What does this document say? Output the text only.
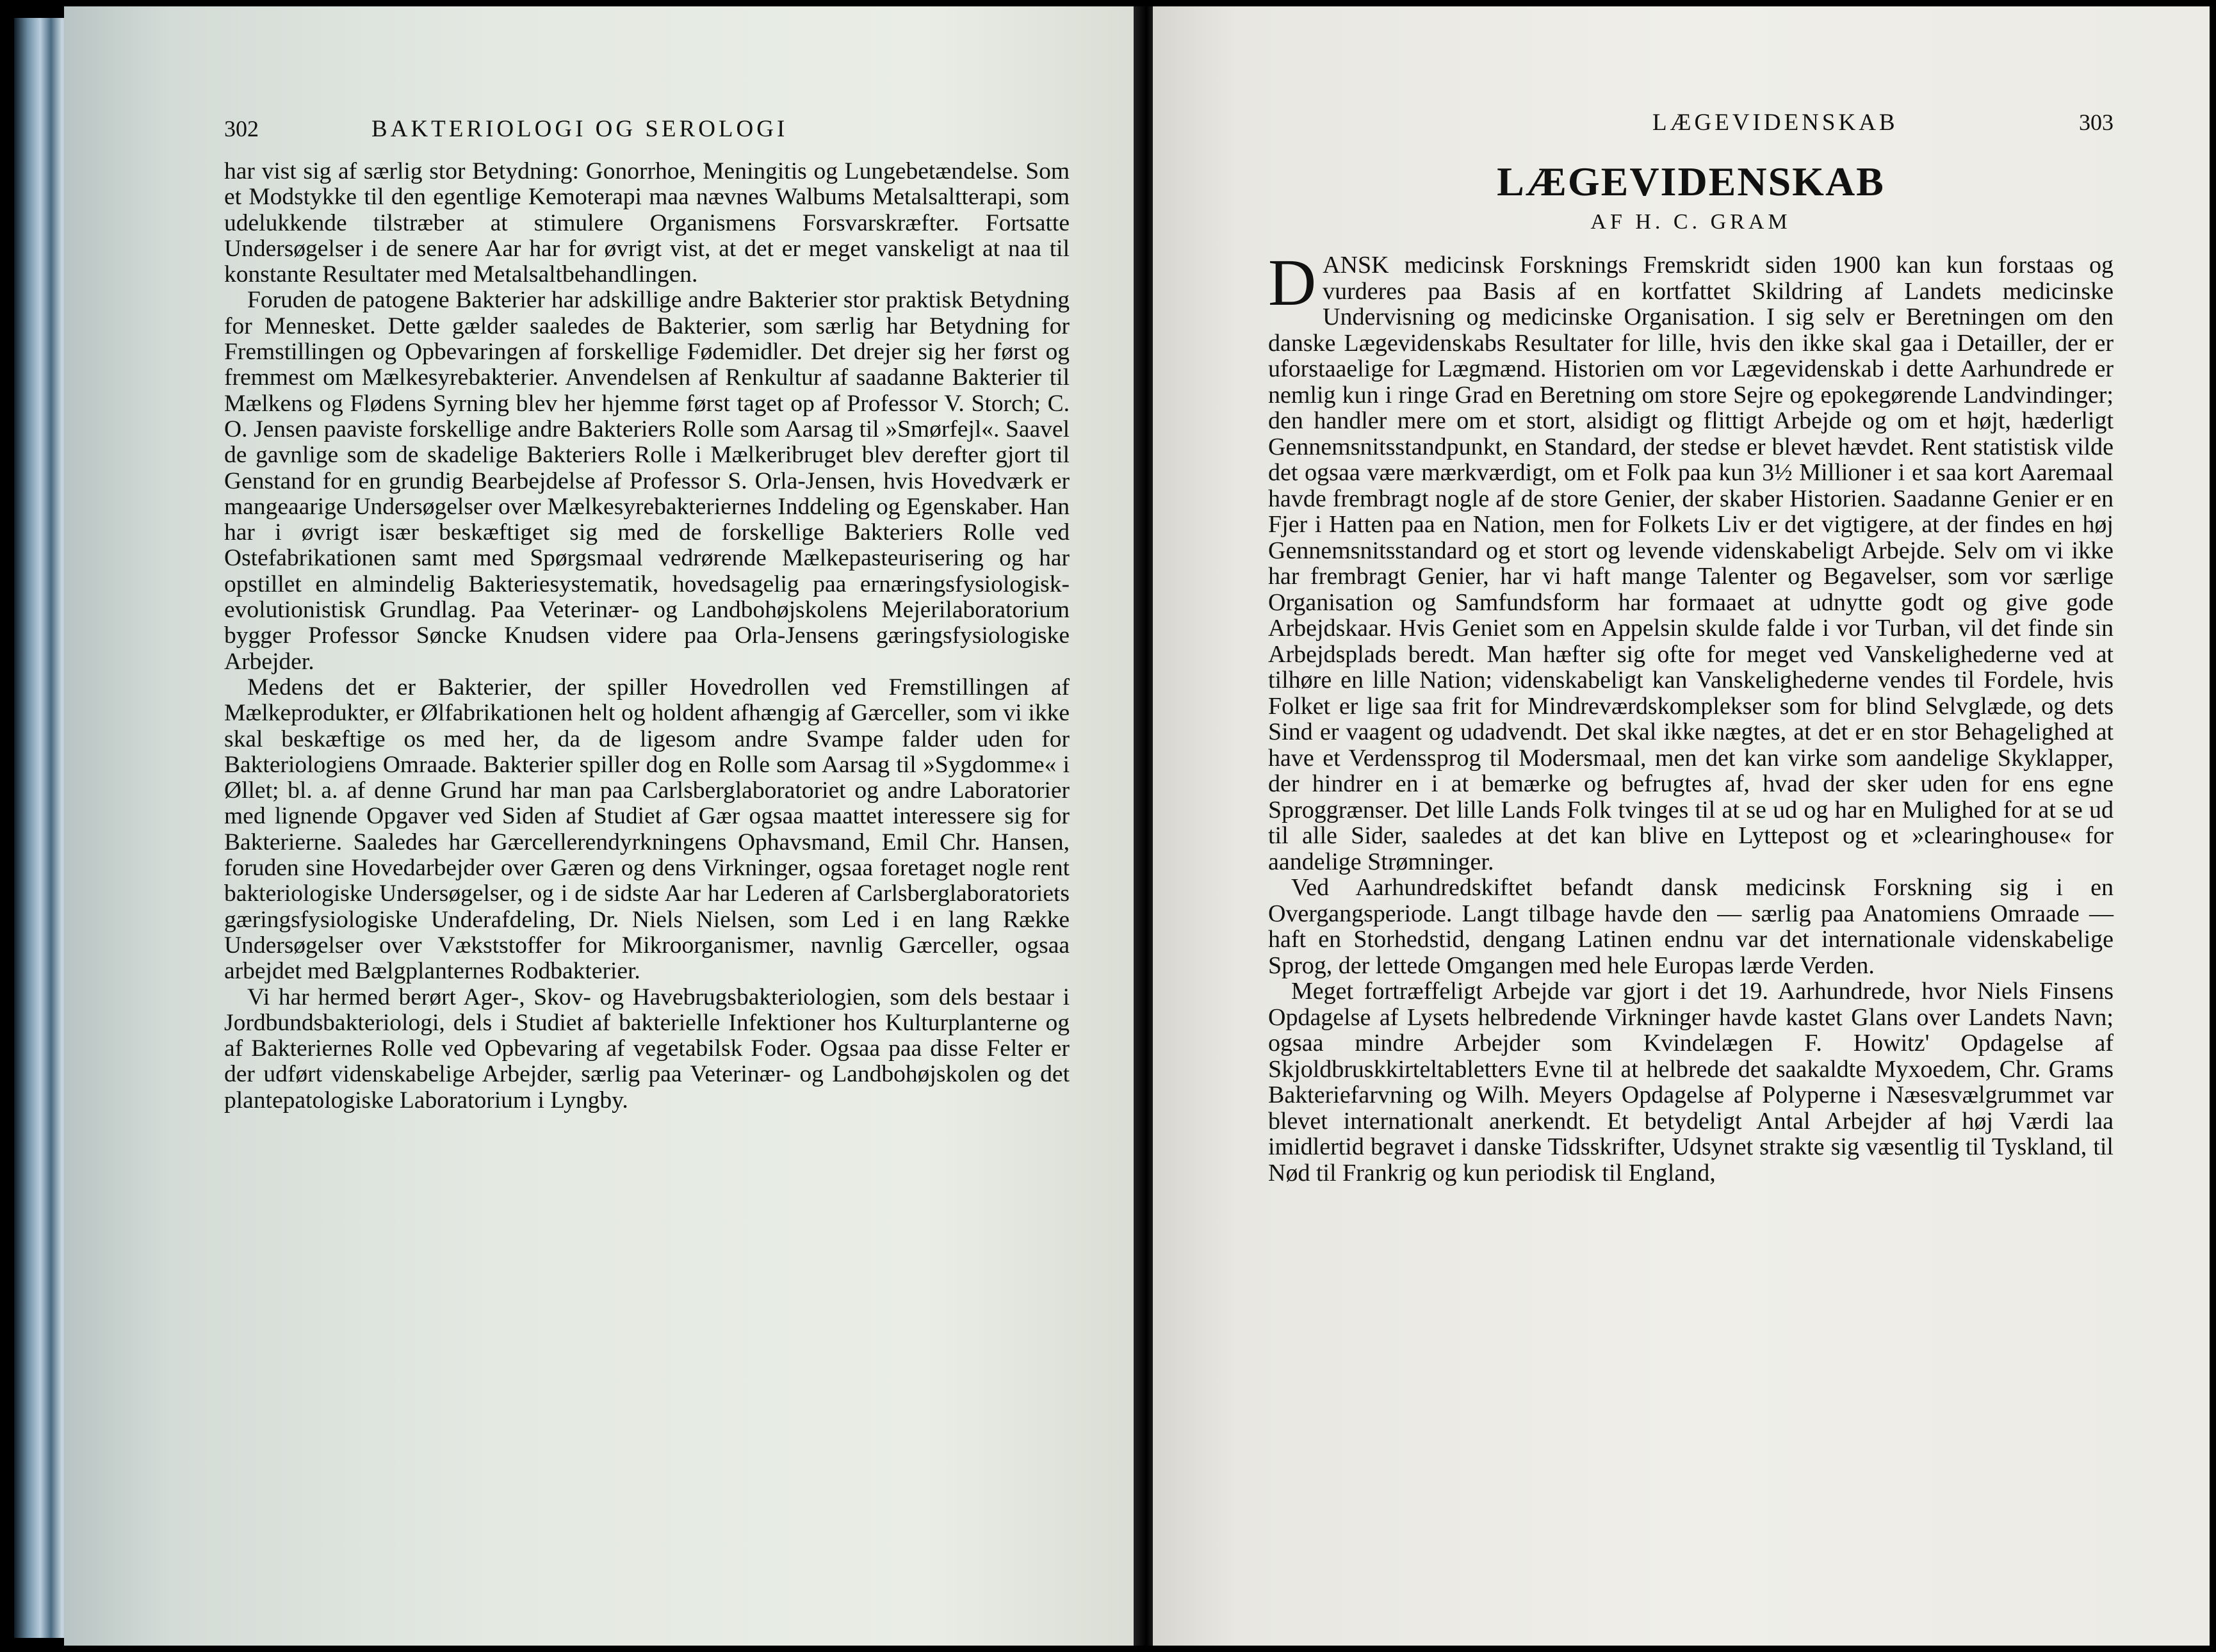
302	BAKTERIOLOGI OG SEROLOGI

har vist sig af særlig stor Betydning: Gonorrhoe, Meningitis og Lungebetændelse. Som et Modstykke til den egentlige Kemoterapi maa nævnes Walbums Metalsaltterapi, som udelukkende tilstræber at stimulere Organismens Forsvarskræfter. Fortsatte Undersøgelser i de senere Aar har for øvrigt vist, at det er meget vanskeligt at naa til konstante Resultater med Metalsaltbehandlingen.

Foruden de patogene Bakterier har adskillige andre Bakterier stor praktisk Betydning for Mennesket. Dette gælder saaledes de Bakterier, som særlig har Betydning for Fremstillingen og Opbevaringen af forskellige Fødemidler. Det drejer sig her først og fremmest om Mælkesyrebakterier. Anvendelsen af Renkultur af saadanne Bakterier til Mælkens og Flødens Syrning blev her hjemme først taget op af Professor V. Storch; C. O. Jensen paaviste forskellige andre Bakteriers Rolle som Aarsag til »Smørfejl«. Saavel de gavnlige som de skadelige Bakteriers Rolle i Mælkeribruget blev derefter gjort til Genstand for en grundig Bearbejdelse af Professor S. Orla-Jensen, hvis Hovedværk er mangeaarige Undersøgelser over Mælkesyrebakteriernes Inddeling og Egenskaber. Han har i øvrigt især beskæftiget sig med de forskellige Bakteriers Rolle ved Ostefabrikationen samt med Spørgsmaal vedrørende Mælkepasteurisering og har opstillet en almindelig Bakteriesystematik, hovedsagelig paa ernæringsfysiologisk-evolutionistisk Grundlag. Paa Veterinær- og Landbohøjskolens Mejerilaboratorium bygger Professor Søncke Knudsen videre paa Orla-Jensens gæringsfysiologiske Arbejder.

Medens det er Bakterier, der spiller Hovedrollen ved Fremstillingen af Mælkeprodukter, er Ølfabrikationen helt og holdent afhængig af Gærceller, som vi ikke skal beskæftige os med her, da de ligesom andre Svampe falder uden for Bakteriologiens Omraade. Bakterier spiller dog en Rolle som Aarsag til »Sygdomme« i Øllet; bl. a. af denne Grund har man paa Carlsberglaboratoriet og andre Laboratorier med lignende Opgaver ved Siden af Studiet af Gær ogsaa maattet interessere sig for Bakterierne. Saaledes har Gærcellerendyrkningens Ophavsmand, Emil Chr. Hansen, foruden sine Hovedarbejder over Gæren og dens Virkninger, ogsaa foretaget nogle rent bakteriologiske Undersøgelser, og i de sidste Aar har Lederen af Carlsberglaboratoriets gæringsfysiologiske Underafdeling, Dr. Niels Nielsen, som Led i en lang Række Undersøgelser over Vækststoffer for Mikroorganismer, navnlig Gærceller, ogsaa arbejdet med Bælgplanternes Rodbakterier.

Vi har hermed berørt Ager-, Skov- og Havebrugsbakteriologien, som dels bestaar i Jordbundsbakteriologi, dels i Studiet af bakterielle Infektioner hos Kulturplanterne og af Bakteriernes Rolle ved Opbevaring af vegetabilsk Foder. Ogsaa paa disse Felter er der udført videnskabelige Arbejder, særlig paa Veterinær- og Landbohøjskolen og det plantepatologiske Laboratorium i Lyngby.

LÆGEVIDENSKAB	303
LÆGEVIDENSKAB
AF H. C. GRAM

DANSK medicinsk Forsknings Fremskridt siden 1900 kan kun forstaas og vurderes paa Basis af en kortfattet Skildring af Landets medicinske Undervisning og medicinske Organisation. I sig selv er Beretningen om den danske Lægevidenskabs Resultater for lille, hvis den ikke skal gaa i Detailler, der er uforstaaelige for Lægmænd. Historien om vor Lægevidenskab i dette Aarhundrede er nemlig kun i ringe Grad en Beretning om store Sejre og epokegørende Landvindinger; den handler mere om et stort, alsidigt og flittigt Arbejde og om et højt, hæderligt Gennemsnitsstandpunkt, en Standard, der stedse er blevet hævdet. Rent statistisk vilde det ogsaa være mærkværdigt, om et Folk paa kun 3½ Millioner i et saa kort Aaremaal havde frembragt nogle af de store Genier, der skaber Historien. Saadanne Genier er en Fjer i Hatten paa en Nation, men for Folkets Liv er det vigtigere, at der findes en høj Gennemsnitsstandard og et stort og levende videnskabeligt Arbejde. Selv om vi ikke har frembragt Genier, har vi haft mange Talenter og Begavelser, som vor særlige Organisation og Samfundsform har formaaet at udnytte godt og give gode Arbejdskaar. Hvis Geniet som en Appelsin skulde falde i vor Turban, vil det finde sin Arbejdsplads beredt. Man hæfter sig ofte for meget ved Vanskelighederne ved at tilhøre en lille Nation; videnskabeligt kan Vanskelighederne vendes til Fordele, hvis Folket er lige saa frit for Mindreværdskomplekser som for blind Selvglæde, og dets Sind er vaagent og udadvendt. Det skal ikke nægtes, at det er en stor Behagelighed at have et Verdenssprog til Modersmaal, men det kan virke som aandelige Skyklapper, der hindrer en i at bemærke og befrugtes af, hvad der sker uden for ens egne Sproggrænser. Det lille Lands Folk tvinges til at se ud og har en Mulighed for at se ud til alle Sider, saaledes at det kan blive en Lyttepost og et »clearinghouse« for aandelige Strømninger.

Ved Aarhundredskiftet befandt dansk medicinsk Forskning sig i en Overgangsperiode. Langt tilbage havde den — særlig paa Anatomiens Omraade — haft en Storhedstid, dengang Latinen endnu var det internationale videnskabelige Sprog, der lettede Omgangen med hele Europas lærde Verden.

Meget fortræffeligt Arbejde var gjort i det 19. Aarhundrede, hvor Niels Finsens Opdagelse af Lysets helbredende Virkninger havde kastet Glans over Landets Navn; ogsaa mindre Arbejder som Kvindelægen F. Howitz' Opdagelse af Skjoldbruskkirteltabletters Evne til at helbrede det saakaldte Myxoedem, Chr. Grams Bakteriefarvning og Wilh. Meyers Opdagelse af Polyperne i Næsesvælgrummet var blevet internationalt anerkendt. Et betydeligt Antal Arbejder af høj Værdi laa imidlertid begravet i danske Tidsskrifter, Udsynet strakte sig væsentlig til Tyskland, til Nød til Frankrig og kun periodisk til England,
